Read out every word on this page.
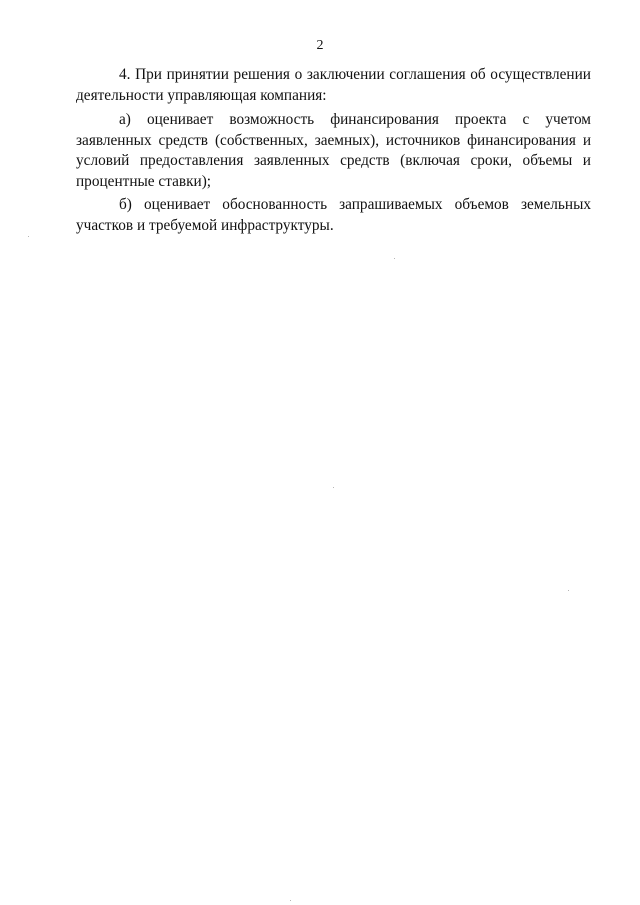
2

4. При принятии решения о заключении соглашения об осуществлении деятельности управляющая компания:

а) оценивает возможность финансирования проекта с учетом заявленных средств (собственных, заемных), источников финансирования и условий предоставления заявленных средств (включая сроки, объемы и процентные ставки);

б) оценивает обоснованность запрашиваемых объемов земельных участков и требуемой инфраструктуры.
